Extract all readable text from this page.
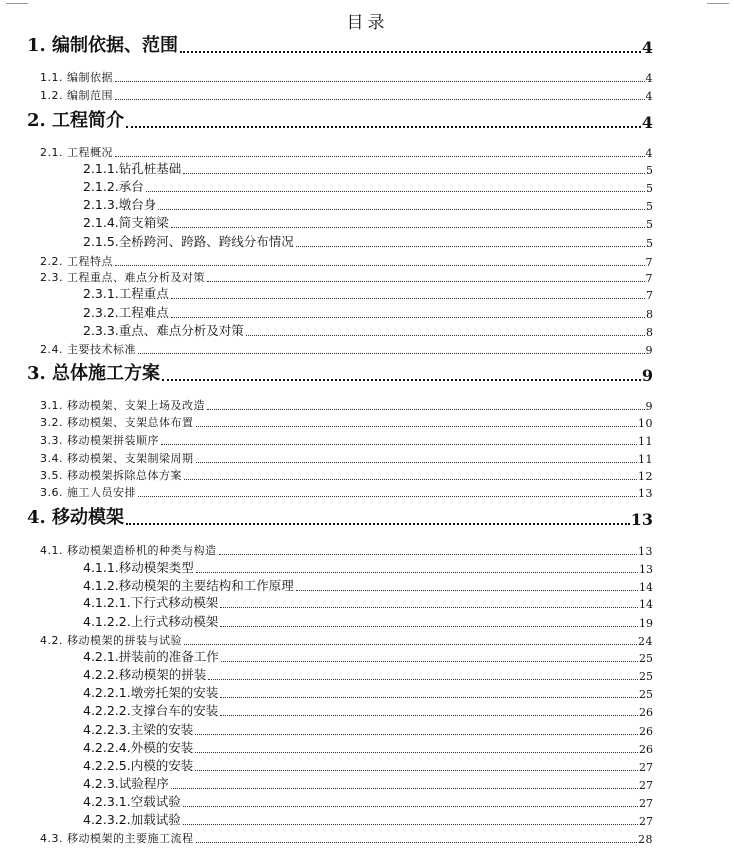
目录
1. 编制依据、范围	4
1.1. 编制依据	4
1.2. 编制范围	4
2. 工程简介	4
2.1. 工程概况	4
2.1.1.钻孔桩基础	5
2.1.2.承台	5
2.1.3.墩台身	5
2.1.4.简支箱梁	5
2.1.5.全桥跨河、跨路、跨线分布情况	5
2.2. 工程特点	7
2.3. 工程重点、难点分析及对策	7
2.3.1.工程重点	7
2.3.2.工程难点	8
2.3.3.重点、难点分析及对策	8
2.4. 主要技术标准	9
3. 总体施工方案	9
3.1. 移动模架、支架上场及改造	9
3.2. 移动模架、支架总体布置	10
3.3. 移动模架拼装顺序	11
3.4. 移动模架、支架制梁周期	11
3.5. 移动模架拆除总体方案	12
3.6. 施工人员安排	13
4. 移动模架	13
4.1. 移动模架造桥机的种类与构造	13
4.1.1.移动模架类型	13
4.1.2.移动模架的主要结构和工作原理	14
4.1.2.1.下行式移动模架	14
4.1.2.2.上行式移动模架	19
4.2. 移动模架的拼装与试验	24
4.2.1.拼装前的准备工作	25
4.2.2.移动模架的拼装	25
4.2.2.1.墩旁托架的安装	25
4.2.2.2.支撑台车的安装	26
4.2.2.3.主梁的安装	26
4.2.2.4.外模的安装	26
4.2.2.5.内模的安装	27
4.2.3.试验程序	27
4.2.3.1.空载试验	27
4.2.3.2.加载试验	27
4.3. 移动模架的主要施工流程	28
